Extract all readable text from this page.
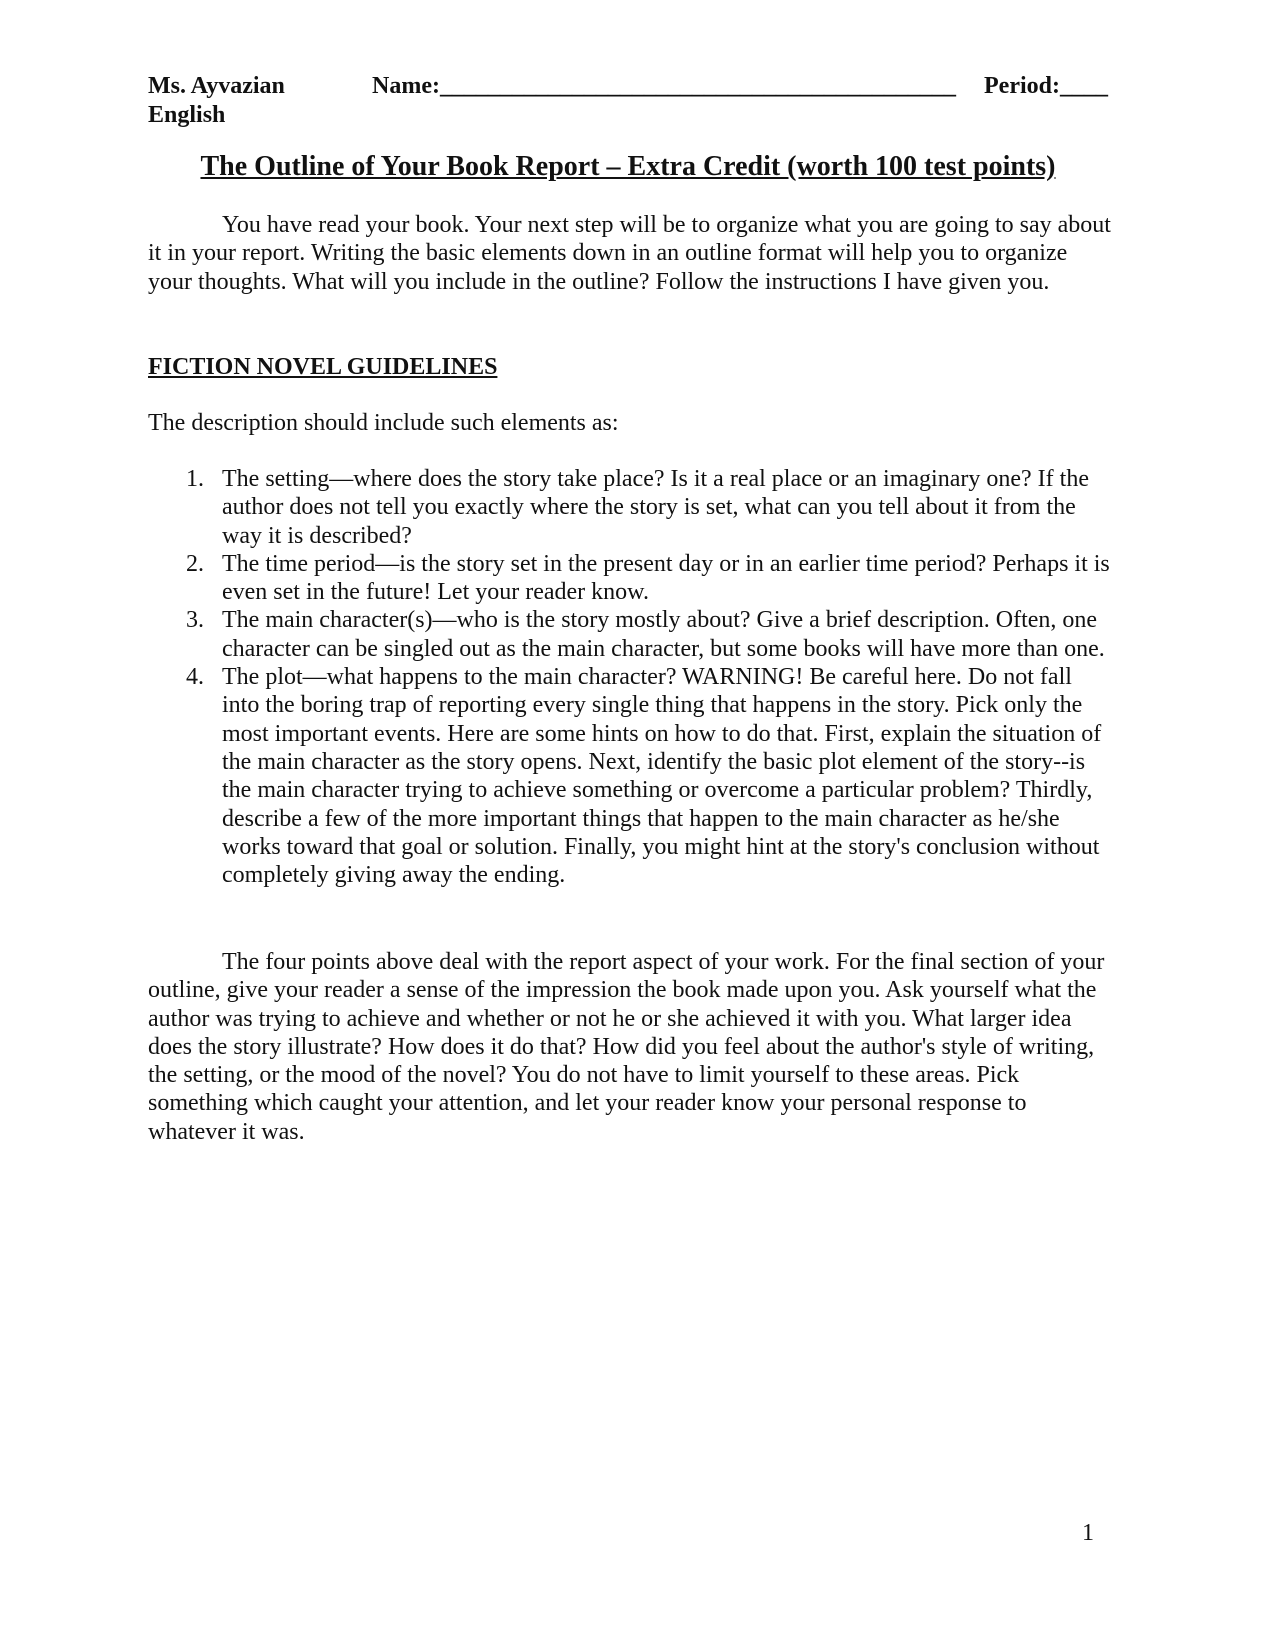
Ms. Ayvazian	Name:___________________________________________ Period:____
English
The Outline of Your Book Report – Extra Credit (worth 100 test points)

You have read your book. Your next step will be to organize what you are going to say about it in your report. Writing the basic elements down in an outline format will help you to organize your thoughts. What will you include in the outline? Follow the instructions I have given you.

FICTION NOVEL GUIDELINES

The description should include such elements as:

1. The setting—where does the story take place? Is it a real place or an imaginary one? If the author does not tell you exactly where the story is set, what can you tell about it from the way it is described?
2. The time period—is the story set in the present day or in an earlier time period? Perhaps it is even set in the future! Let your reader know.
3. The main character(s)—who is the story mostly about? Give a brief description. Often, one character can be singled out as the main character, but some books will have more than one.
4. The plot—what happens to the main character? WARNING! Be careful here. Do not fall into the boring trap of reporting every single thing that happens in the story. Pick only the most important events. Here are some hints on how to do that. First, explain the situation of the main character as the story opens. Next, identify the basic plot element of the story--is the main character trying to achieve something or overcome a particular problem? Thirdly, describe a few of the more important things that happen to the main character as he/she works toward that goal or solution. Finally, you might hint at the story's conclusion without completely giving away the ending.

The four points above deal with the report aspect of your work. For the final section of your outline, give your reader a sense of the impression the book made upon you. Ask yourself what the author was trying to achieve and whether or not he or she achieved it with you. What larger idea does the story illustrate? How does it do that? How did you feel about the author's style of writing, the setting, or the mood of the novel? You do not have to limit yourself to these areas. Pick something which caught your attention, and let your reader know your personal response to whatever it was.

1
